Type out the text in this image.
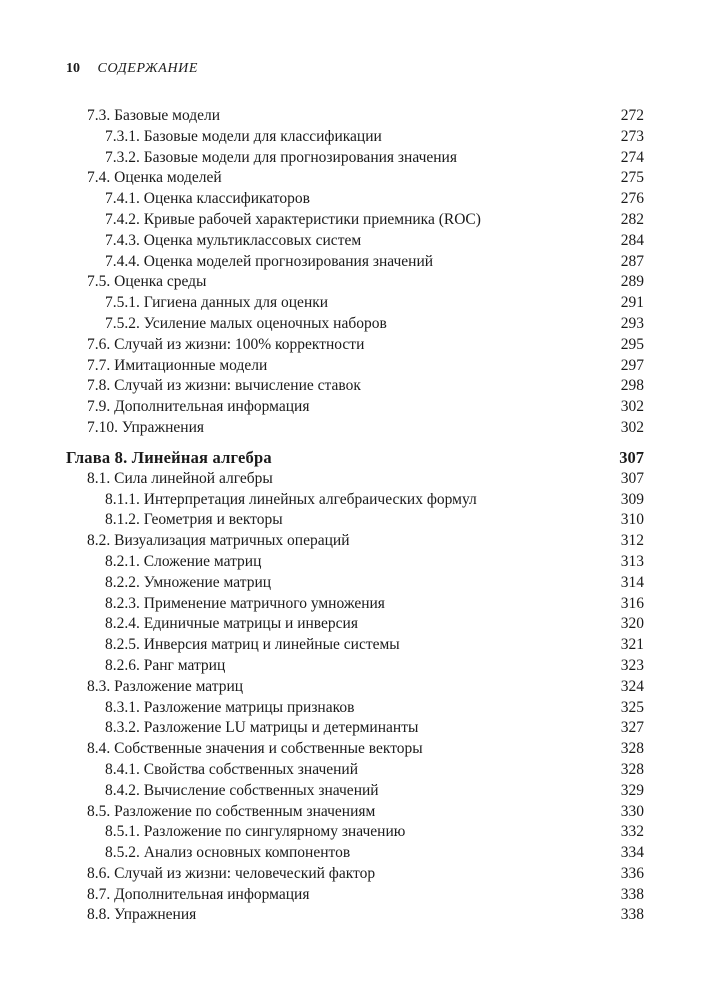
10 СОДЕРЖАНИЕ
7.3. Базовые модели	272
7.3.1. Базовые модели для классификации	273
7.3.2. Базовые модели для прогнозирования значения	274
7.4. Оценка моделей	275
7.4.1. Оценка классификаторов	276
7.4.2. Кривые рабочей характеристики приемника (ROC)	282
7.4.3. Оценка мультиклассовых систем	284
7.4.4. Оценка моделей прогнозирования значений	287
7.5. Оценка среды	289
7.5.1. Гигиена данных для оценки	291
7.5.2. Усиление малых оценочных наборов	293
7.6. Случай из жизни: 100% корректности	295
7.7. Имитационные модели	297
7.8. Случай из жизни: вычисление ставок	298
7.9. Дополнительная информация	302
7.10. Упражнения	302
Глава 8. Линейная алгебра	307
8.1. Сила линейной алгебры	307
8.1.1. Интерпретация линейных алгебраических формул	309
8.1.2. Геометрия и векторы	310
8.2. Визуализация матричных операций	312
8.2.1. Сложение матриц	313
8.2.2. Умножение матриц	314
8.2.3. Применение матричного умножения	316
8.2.4. Единичные матрицы и инверсия	320
8.2.5. Инверсия матриц и линейные системы	321
8.2.6. Ранг матриц	323
8.3. Разложение матриц	324
8.3.1. Разложение матрицы признаков	325
8.3.2. Разложение LU матрицы и детерминанты	327
8.4. Собственные значения и собственные векторы	328
8.4.1. Свойства собственных значений	328
8.4.2. Вычисление собственных значений	329
8.5. Разложение по собственным значениям	330
8.5.1. Разложение по сингулярному значению	332
8.5.2. Анализ основных компонентов	334
8.6. Случай из жизни: человеческий фактор	336
8.7. Дополнительная информация	338
8.8. Упражнения	338
